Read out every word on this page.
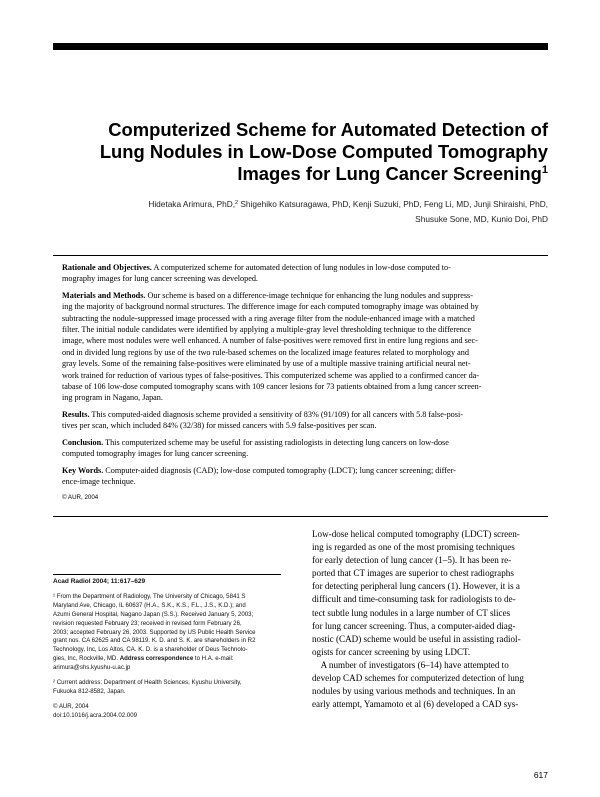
Computerized Scheme for Automated Detection of
Lung Nodules in Low-Dose Computed Tomography
Images for Lung Cancer Screening$^1$
Hidetaka Arimura, PhD,$^2$ Shigehiko Katsuragawa, PhD, Kenji Suzuki, PhD, Feng Li, MD, Junji Shiraishi, PhD,
Shusuke Sone, MD, Kunio Doi, PhD
Rationale and Objectives. A computerized scheme for automated detection of lung nodules in low-dose computed to-
mography images for lung cancer screening was developed.
Materials and Methods. Our scheme is based on a difference-image technique for enhancing the lung nodules and suppress-
ing the majority of background normal structures. The difference image for each computed tomography image was obtained by
subtracting the nodule-suppressed image processed with a ring average filter from the nodule-enhanced image with a matched
filter. The initial nodule candidates were identified by applying a multiple-gray level thresholding technique to the difference
image, where most nodules were well enhanced. A number of false-positives were removed first in entire lung regions and sec-
ond in divided lung regions by use of the two rule-based schemes on the localized image features related to morphology and
gray levels. Some of the remaining false-positives were eliminated by use of a multiple massive training artificial neural net-
work trained for reduction of various types of false-positives. This computerized scheme was applied to a confirmed cancer da-
tabase of 106 low-dose computed tomography scans with 109 cancer lesions for 73 patients obtained from a lung cancer screen-
ing program in Nagano, Japan.
Results. This computed-aided diagnosis scheme provided a sensitivity of 83% (91/109) for all cancers with 5.8 false-posi-
tives per scan, which included 84% (32/38) for missed cancers with 5.9 false-positives per scan.
Conclusion. This computerized scheme may be useful for assisting radiologists in detecting lung cancers on low-dose
computed tomography images for lung cancer screening.
Key Words. Computer-aided diagnosis (CAD); low-dose computed tomography (LDCT); lung cancer screening; differ-
ence-image technique.
© AUR, 2004
Acad Radiol 2004; 11:617–629
¹ From the Department of Radiology, The University of Chicago, 5841 S
Maryland Ave, Chicago, IL 60637 (H.A., S.K., K.S., F.L., J.S., K.D.); and
Azumi General Hospital, Nagano Japan (S.S.). Received January 5, 2003;
revision requested February 23; received in revised form February 26,
2003; accepted February 26, 2003. Supported by US Public Health Service
grant nos. CA 62625 and CA 98119. K. D. and S. K. are shareholders in R2
Technology, Inc, Los Altos, CA. K. D. is a shareholder of Deus Technolo-
gies, Inc, Rockville, MD. Address correspondence to H.A. e-mail:
arimura@shs.kyushu-u.ac.jp
² Current address: Department of Health Sciences, Kyushu University,
Fukuoka 812-8582, Japan.
© AUR, 2004
doi:10.1016/j.acra.2004.02.009
Low-dose helical computed tomography (LDCT) screen-
ing is regarded as one of the most promising techniques
for early detection of lung cancer (1–5). It has been re-
ported that CT images are superior to chest radiographs
for detecting peripheral lung cancers (1). However, it is a
difficult and time-consuming task for radiologists to de-
tect subtle lung nodules in a large number of CT slices
for lung cancer screening. Thus, a computer-aided diag-
nostic (CAD) scheme would be useful in assisting radiol-
ogists for cancer screening by using LDCT.
A number of investigators (6–14) have attempted to
develop CAD schemes for computerized detection of lung
nodules by using various methods and techniques. In an
early attempt, Yamamoto et al (6) developed a CAD sys-
617
